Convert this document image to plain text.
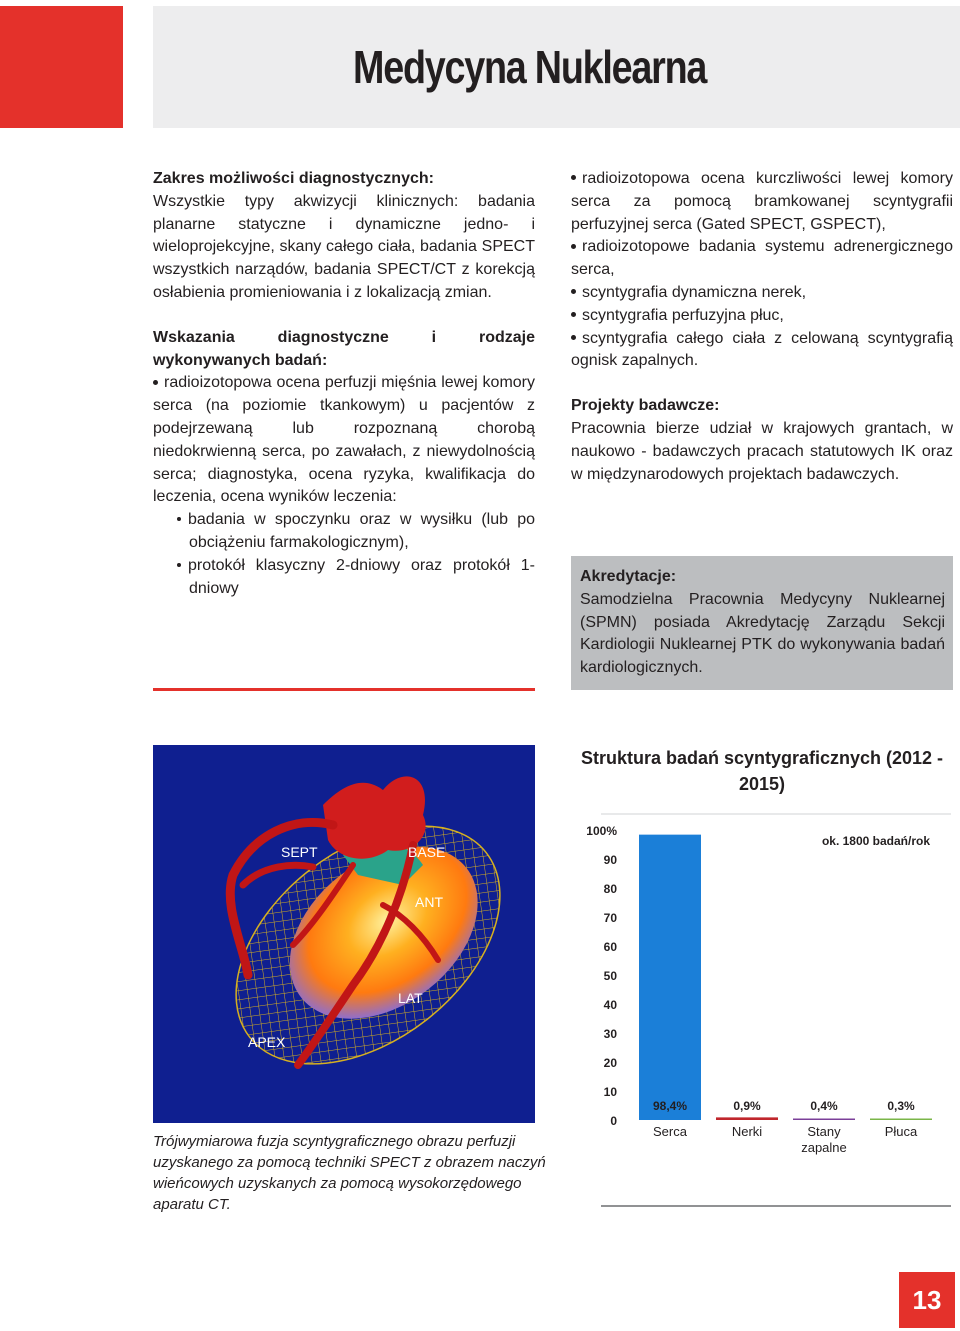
Medycyna Nuklearna
Zakres możliwości diagnostycznych:

Wszystkie typy akwizycji klinicznych: badania planarne statyczne i dynamiczne jedno- i wieloprojekcyjne, skany całego ciała, badania SPECT wszystkich narządów, badania SPECT/CT z korekcją osłabienia promieniowania i z lokalizacją zmian.

Wskazania diagnostyczne i rodzaje wykonywanych badań:

radioizotopowa ocena perfuzji mięśnia lewej komory serca (na poziomie tkankowym) u pacjentów z podejrzewaną lub rozpoznaną chorobą niedokrwienną serca, po zawałach, z niewydolnością serca; diagnostyka, ocena ryzyka, kwalifikacja do leczenia, ocena wyników leczenia:

badania w spoczynku oraz w wysiłku (lub po obciążeniu farmakologicznym),
protokół klasyczny 2-dniowy oraz protokół 1-dniowy
radioizotopowa ocena kurczliwości lewej komory serca za pomocą bramkowanej scyntygrafii perfuzyjnej serca (Gated SPECT, GSPECT),
radioizotopowe badania systemu adrenergicznego serca,
scyntygrafia dynamiczna nerek,
scyntygrafia perfuzyjna płuc,
scyntygrafia całego ciała z celowaną scyntygrafią ognisk zapalnych.
Projekty badawcze:

Pracownia bierze udział w krajowych grantach, w naukowo - badawczych pracach statutowych IK oraz w międzynarodowych projektach badawczych.

Akredytacje:

Samodzielna Pracownia Medycyny Nuklearnej (SPMN) posiada Akredytację Zarządu Sekcji Kardiologii Nuklearnej PTK do wykonywania badań kardiologicznych.

SEPT	BASE
ANT
LAT
APEX

Trójwymiarowa fuzja scyntygraficznego obrazu perfuzji uzyskanego za pomocą techniki SPECT z obrazem naczyń wieńcowych uzyskanych za pomocą wysokorzędowego aparatu CT.

Struktura badań scyntygraficznych (2012 - 2015)
0
10
20
30
40
50
60
70
80
90
100%
98,4%
Serca
0,9%
Nerki
0,4%
Stany
zapalne
0,3%
Płuca
ok. 1800 badań/rok
13
